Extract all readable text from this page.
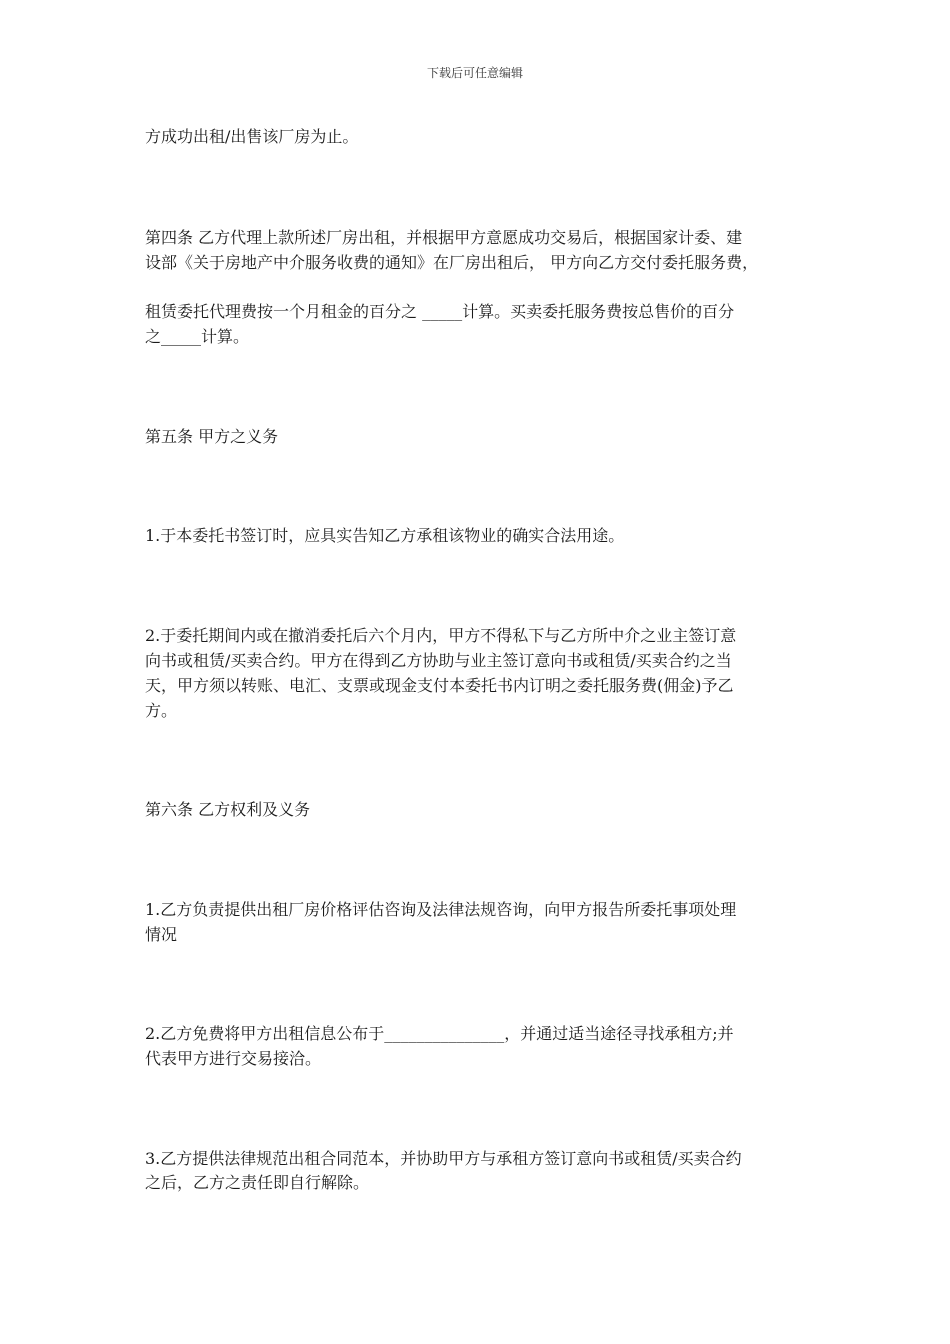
下载后可任意编辑
方成功出租/出售该厂房为止。
第四条 乙方代理上款所述厂房出租，并根据甲方意愿成功交易后，根据国家计委、建
设部《关于房地产中介服务收费的通知》在厂房出租后， 甲方向乙方交付委托服务费，
租赁委托代理费按一个月租金的百分之 _____计算。买卖委托服务费按总售价的百分
之_____计算。
第五条 甲方之义务
1.于本委托书签订时，应具实告知乙方承租该物业的确实合法用途。
2.于委托期间内或在撤消委托后六个月内，甲方不得私下与乙方所中介之业主签订意
向书或租赁/买卖合约。甲方在得到乙方协助与业主签订意向书或租赁/买卖合约之当
天，甲方须以转账、电汇、支票或现金支付本委托书内订明之委托服务费(佣金)予乙
方。
第六条 乙方权利及义务
1.乙方负责提供出租厂房价格评估咨询及法律法规咨询，向甲方报告所委托事项处理
情况
2.乙方免费将甲方出租信息公布于_______________，并通过适当途径寻找承租方;并
代表甲方进行交易接洽。
3.乙方提供法律规范出租合同范本，并协助甲方与承租方签订意向书或租赁/买卖合约
之后，乙方之责任即自行解除。
